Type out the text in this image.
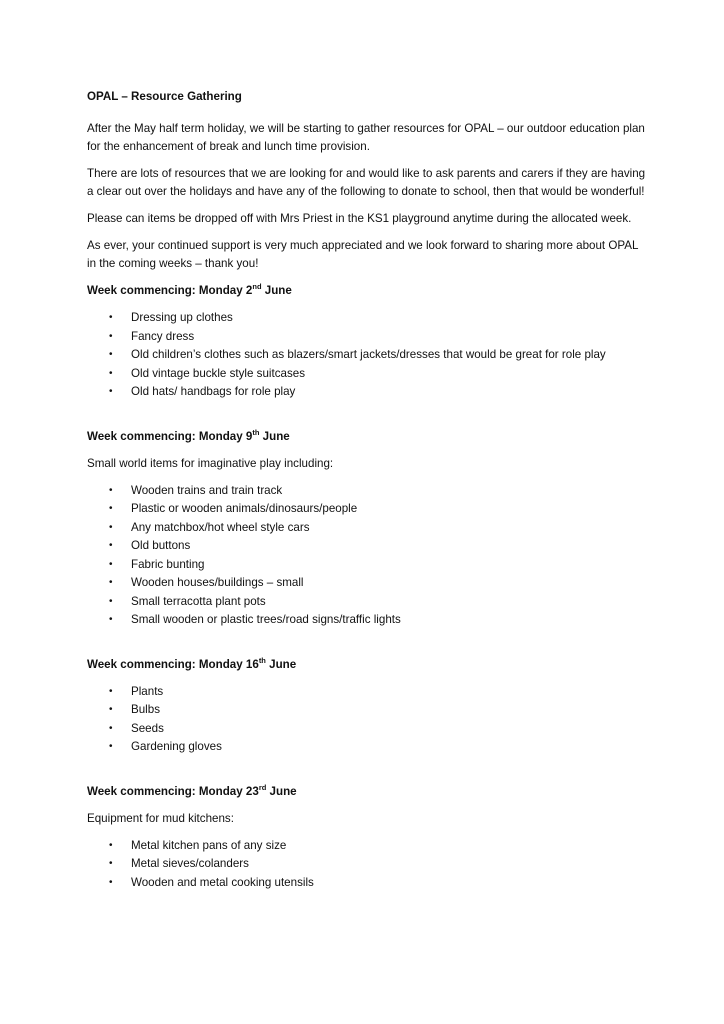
OPAL – Resource Gathering

After the May half term holiday, we will be starting to gather resources for OPAL – our outdoor education plan for the enhancement of break and lunch time provision.

There are lots of resources that we are looking for and would like to ask parents and carers if they are having a clear out over the holidays and have any of the following to donate to school, then that would be wonderful!

Please can items be dropped off with Mrs Priest in the KS1 playground anytime during the allocated week.

As ever, your continued support is very much appreciated and we look forward to sharing more about OPAL in the coming weeks – thank you!

Week commencing: Monday 2nd June
• Dressing up clothes
• Fancy dress
• Old children’s clothes such as blazers/smart jackets/dresses that would be great for role play
• Old vintage buckle style suitcases
• Old hats/ handbags for role play
Week commencing: Monday 9th June

Small world items for imaginative play including:

• Wooden trains and train track
• Plastic or wooden animals/dinosaurs/people
• Any matchbox/hot wheel style cars
• Old buttons
• Fabric bunting
• Wooden houses/buildings – small
• Small terracotta plant pots
• Small wooden or plastic trees/road signs/traffic lights
Week commencing: Monday 16th June
• Plants
• Bulbs
• Seeds
• Gardening gloves
Week commencing: Monday 23rd June

Equipment for mud kitchens:

• Metal kitchen pans of any size
• Metal sieves/colanders
• Wooden and metal cooking utensils
